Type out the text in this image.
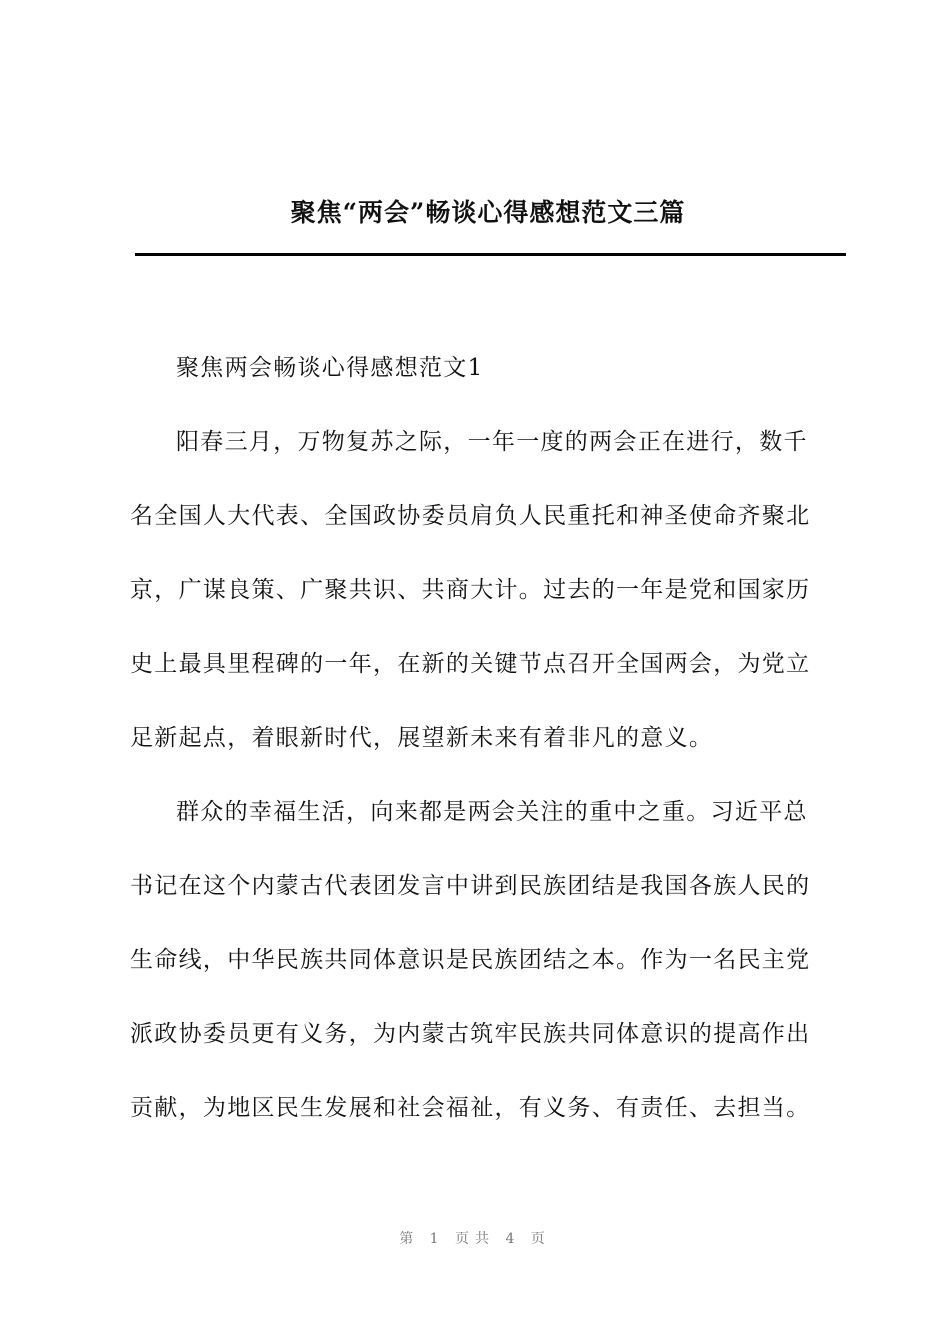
聚焦“两会”畅谈心得感想范文三篇

聚焦两会畅谈心得感想范文1

阳春三月，万物复苏之际，一年一度的两会正在进行，数千
名全国人大代表、全国政协委员肩负人民重托和神圣使命齐聚北
京，广谋良策、广聚共识、共商大计。过去的一年是党和国家历
史上最具里程碑的一年，在新的关键节点召开全国两会，为党立
足新起点，着眼新时代，展望新未来有着非凡的意义。

群众的幸福生活，向来都是两会关注的重中之重。习近平总
书记在这个内蒙古代表团发言中讲到民族团结是我国各族人民的
生命线，中华民族共同体意识是民族团结之本。作为一名民主党
派政协委员更有义务，为内蒙古筑牢民族共同体意识的提高作出
贡献，为地区民生发展和社会福祉，有义务、有责任、去担当。

第 1 页共 4 页
